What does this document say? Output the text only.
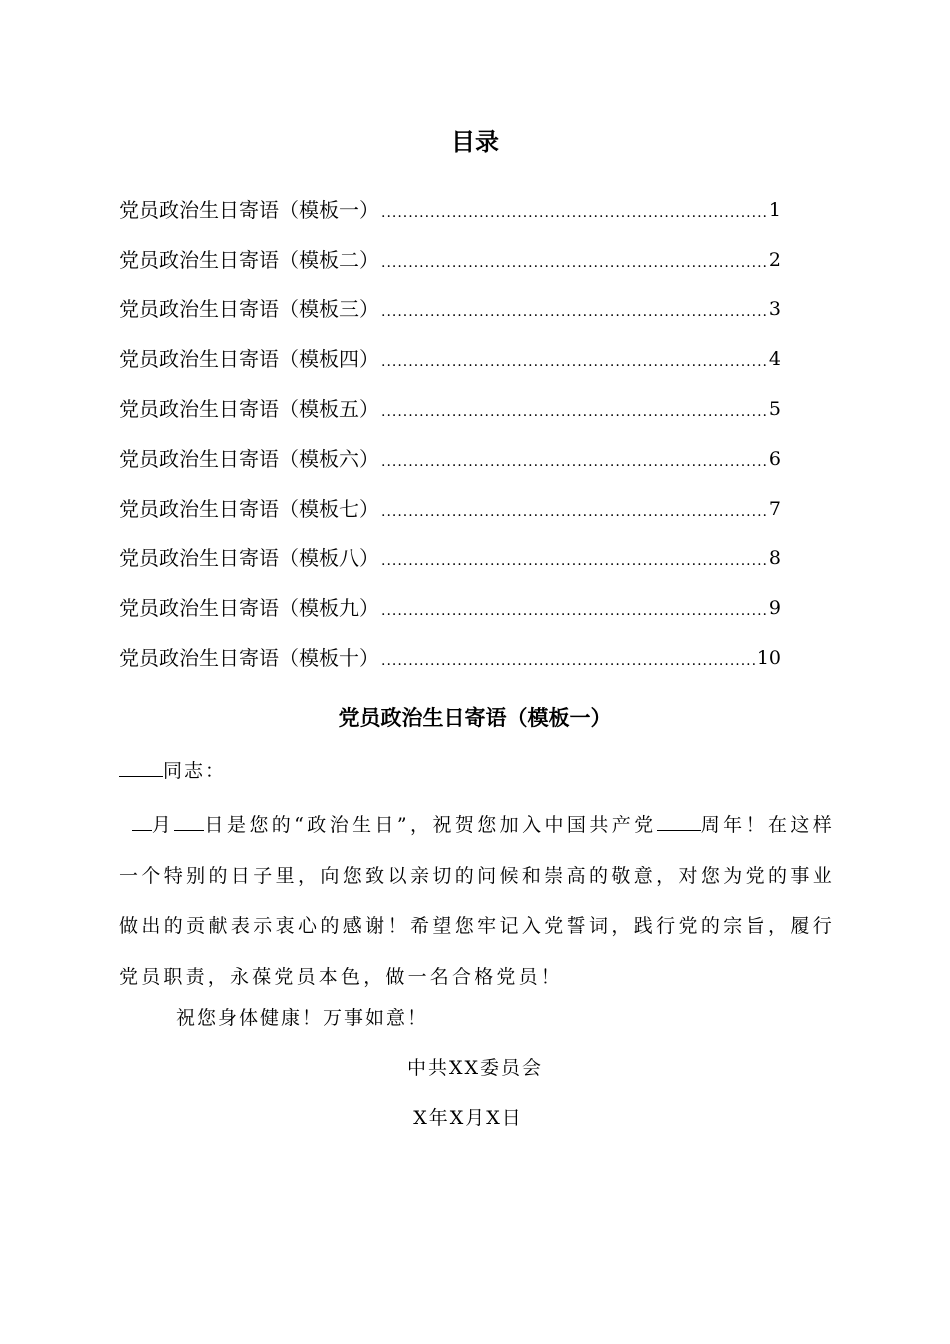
目录
党员政治生日寄语（模板一） .....	1
党员政治生日寄语（模板二） .....	2
党员政治生日寄语（模板三） .....	3
党员政治生日寄语（模板四） .....	4
党员政治生日寄语（模板五） .....	5
党员政治生日寄语（模板六） .....	6
党员政治生日寄语（模板七） .....	7
党员政治生日寄语（模板八） .....	8
党员政治生日寄语（模板九） .....	9
党员政治生日寄语（模板十） .....	10
党员政治生日寄语（模板一）
同志：
 月 日是您的“政治生日”，祝贺您加入中国共产党 周年！在这样一个特别的日子里，向您致以亲切的问候和崇高的敬意，对您为党的事业做出的贡献表示衷心的感谢！希望您牢记入党誓词，践行党的宗旨，履行党员职责，永葆党员本色，做一名合格党员！
祝您身体健康！万事如意！
中共XX委员会
X年X月X日
